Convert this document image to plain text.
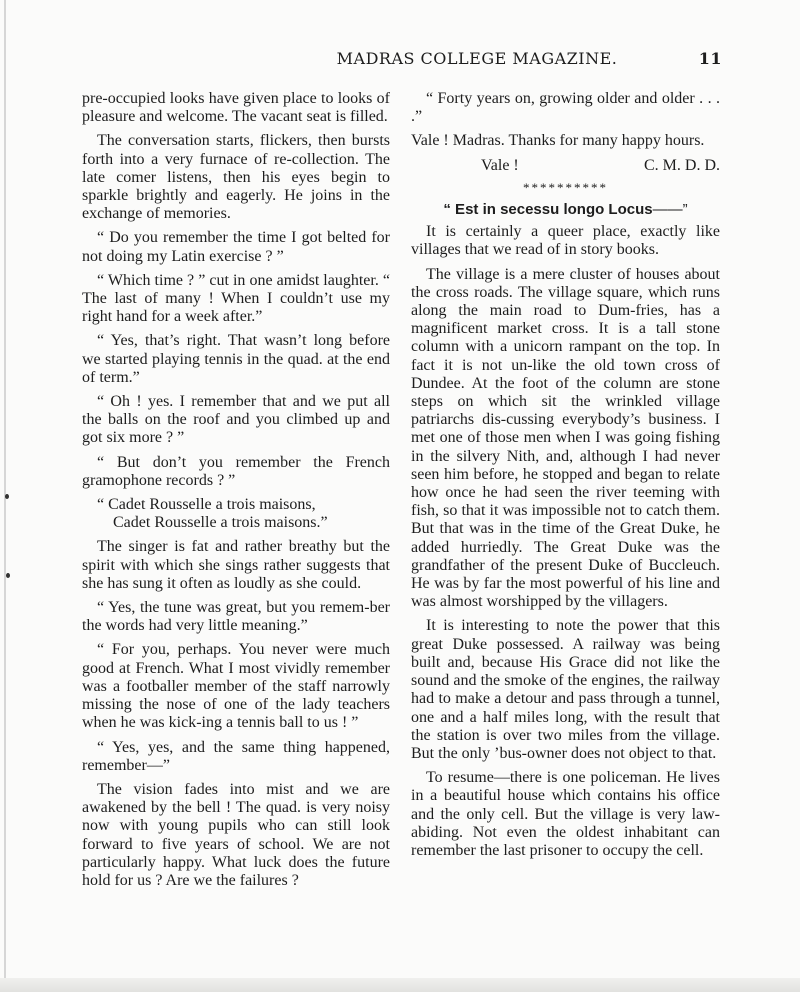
MADRAS COLLEGE MAGAZINE.	11

pre-occupied looks have given place to looks of pleasure and welcome. The vacant seat is filled.

The conversation starts, flickers, then bursts forth into a very furnace of re-collection. The late comer listens, then his eyes begin to sparkle brightly and eagerly. He joins in the exchange of memories.

“ Do you remember the time I got belted for not doing my Latin exercise ? ”

“ Which time ? ” cut in one amidst laughter. “ The last of many ! When I couldn’t use my right hand for a week after.”

“ Yes, that’s right. That wasn’t long before we started playing tennis in the quad. at the end of term.”

“ Oh ! yes. I remember that and we put all the balls on the roof and you climbed up and got six more ? ”

“ But don’t you remember the French gramophone records ? ”

“ Cadet Rousselle a trois maisons,
Cadet Rousselle a trois maisons.”

The singer is fat and rather breathy but the spirit with which she sings rather suggests that she has sung it often as loudly as she could.

“ Yes, the tune was great, but you remem-ber the words had very little meaning.”

“ For you, perhaps. You never were much good at French. What I most vividly remember was a footballer member of the staff narrowly missing the nose of one of the lady teachers when he was kick-ing a tennis ball to us ! ”

“ Yes, yes, and the same thing happened, remember—”

The vision fades into mist and we are awakened by the bell ! The quad. is very noisy now with young pupils who can still look forward to five years of school. We are not particularly happy. What luck does the future hold for us ? Are we the failures ?

“ Forty years on, growing older and older . . . .”

Vale ! Madras. Thanks for many happy hours.

Vale !	C. M. D. D.
**********
“ Est in secessu longo Locus——”

It is certainly a queer place, exactly like villages that we read of in story books.

The village is a mere cluster of houses about the cross roads. The village square, which runs along the main road to Dum-fries, has a magnificent market cross. It is a tall stone column with a unicorn rampant on the top. In fact it is not un-like the old town cross of Dundee. At the foot of the column are stone steps on which sit the wrinkled village patriarchs dis-cussing everybody’s business. I met one of those men when I was going fishing in the silvery Nith, and, although I had never seen him before, he stopped and began to relate how once he had seen the river teeming with fish, so that it was impossible not to catch them. But that was in the time of the Great Duke, he added hurriedly. The Great Duke was the grandfather of the present Duke of Buccleuch. He was by far the most powerful of his line and was almost worshipped by the villagers.

It is interesting to note the power that this great Duke possessed. A railway was being built and, because His Grace did not like the sound and the smoke of the engines, the railway had to make a detour and pass through a tunnel, one and a half miles long, with the result that the station is over two miles from the village. But the only ’bus-owner does not object to that.

To resume—there is one policeman. He lives in a beautiful house which contains his office and the only cell. But the village is very law-abiding. Not even the oldest inhabitant can remember the last prisoner to occupy the cell.
